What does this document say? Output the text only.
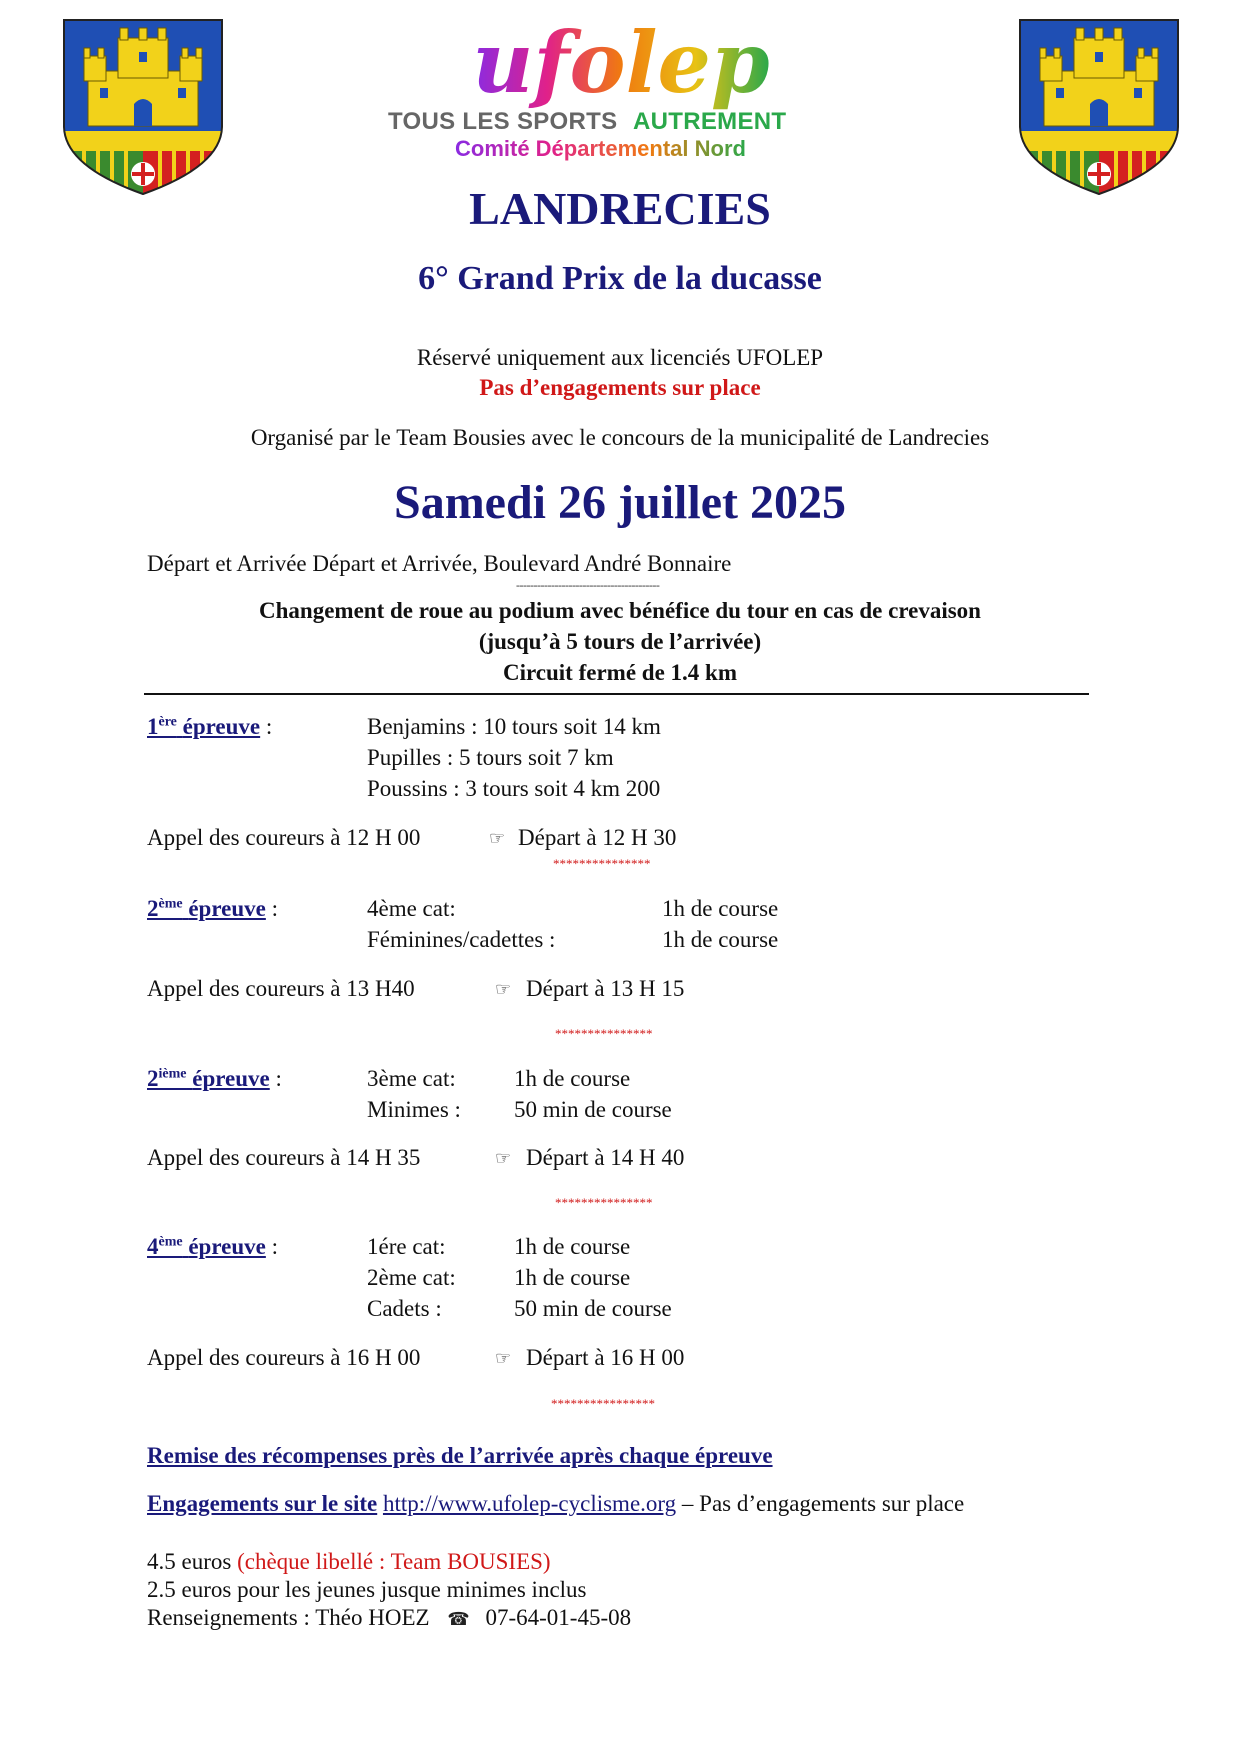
ufolep
TOUS LES SPORTS AUTREMENT
Comité Départemental Nord
LANDRECIES
6° Grand Prix de la ducasse
Réservé uniquement aux licenciés UFOLEP
Pas d’engagements sur place
Organisé par le Team Bousies avec le concours de la municipalité de Landrecies
Samedi 26 juillet 2025
Départ et Arrivée Départ et Arrivée, Boulevard André Bonnaire
-----------------------------------------
Changement de roue au podium avec bénéfice du tour en cas de crevaison
(jusqu’à 5 tours de l’arrivée)
Circuit fermé de 1.4 km
1ère épreuve :	Benjamins : 10 tours soit 14 km
Pupilles : 5 tours soit 7 km
Poussins : 3 tours soit 4 km 200
Appel des coureurs à 12 H 00	☞ Départ à 12 H 30
***************
2ème épreuve :	4ème cat:	1h de course
Féminines/cadettes :	1h de course
Appel des coureurs à 13 H40	☞ Départ à 13 H 15
***************
2ième épreuve :	3ème cat:	1h de course
Minimes : 50 min de course
Appel des coureurs à 14 H 35	☞ Départ à 14 H 40
***************
4ème épreuve :	1ére cat:	1h de course
2ème cat:	1h de course
Cadets :	50 min de course
Appel des coureurs à 16 H 00	☞ Départ à 16 H 00
****************
Remise des récompenses près de l’arrivée après chaque épreuve
Engagements sur le site http://www.ufolep-cyclisme.org – Pas d’engagements sur place
4.5 euros (chèque libellé : Team BOUSIES)
2.5 euros pour les jeunes jusque minimes inclus
Renseignements : Théo HOEZ ☎ 07-64-01-45-08
